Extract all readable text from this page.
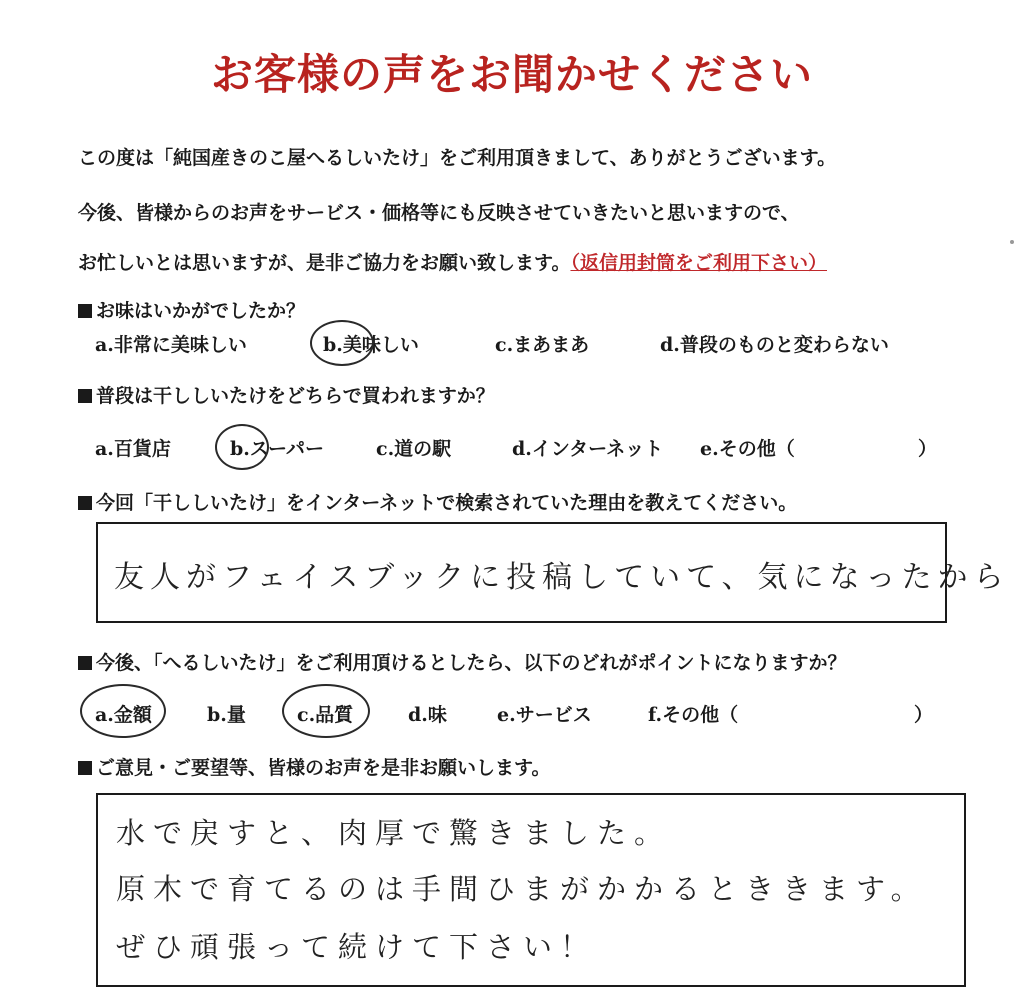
お客様の声をお聞かせください
この度は「純国産きのこ屋へるしいたけ」をご利用頂きまして、ありがとうございます。
今後、皆様からのお声をサービス・価格等にも反映させていきたいと思いますので、
お忙しいとは思いますが、是非ご協力をお願い致します。（返信用封筒をご利用下さい）
お味はいかがでしたか？
a.非常に美味しい	b.美味しい	c.まあまあ	d.普段のものと変わらない
普段は干ししいたけをどちらで買われますか？
a.百貨店	b.スーパー	c.道の駅	d.インターネット e.その他（	）
今回「干ししいたけ」をインターネットで検索されていた理由を教えてください。
友人がフェイスブックに投稿していて、気になったから
今後、「へるしいたけ」をご利用頂けるとしたら、以下のどれがポイントになりますか？
a.金額	b.量	c.品質	d.味	e.サービス	f.その他（	）
ご意見・ご要望等、皆様のお声を是非お願いします。
水で戻すと、肉厚で驚きました。
原木で育てるのは手間ひまがかかるとききます。
ぜひ頑張って続けて下さい！
